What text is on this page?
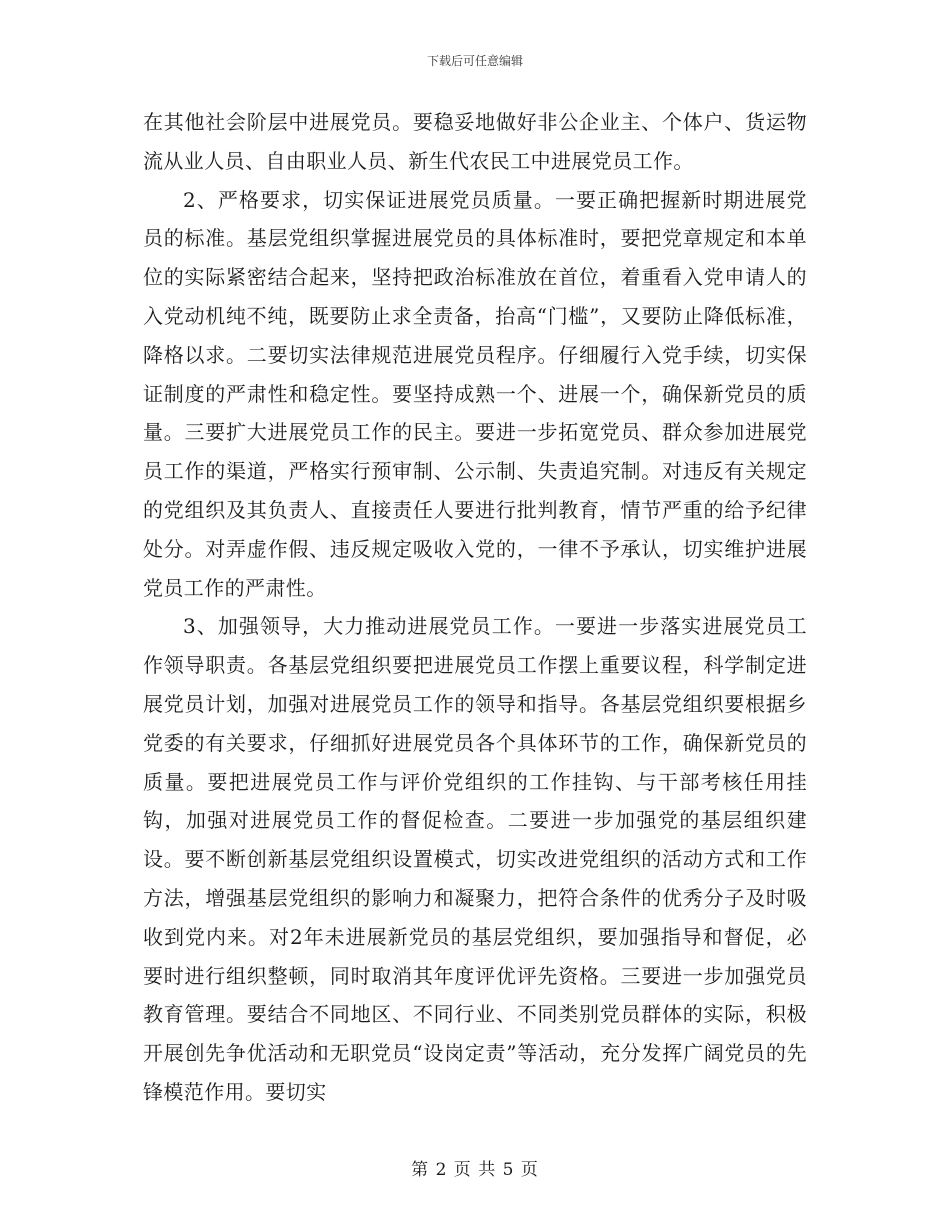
下载后可任意编辑

在其他社会阶层中进展党员。要稳妥地做好非公企业主、个体户、货运物流从业人员、自由职业人员、新生代农民工中进展党员工作。

2、严格要求，切实保证进展党员质量。一要正确把握新时期进展党员的标准。基层党组织掌握进展党员的具体标准时，要把党章规定和本单位的实际紧密结合起来，坚持把政治标准放在首位，着重看入党申请人的入党动机纯不纯，既要防止求全责备，抬高“门槛”，又要防止降低标准，降格以求。二要切实法律规范进展党员程序。仔细履行入党手续，切实保证制度的严肃性和稳定性。要坚持成熟一个、进展一个，确保新党员的质量。三要扩大进展党员工作的民主。要进一步拓宽党员、群众参加进展党员工作的渠道，严格实行预审制、公示制、失责追究制。对违反有关规定的党组织及其负责人、直接责任人要进行批判教育，情节严重的给予纪律处分。对弄虚作假、违反规定吸收入党的，一律不予承认，切实维护进展党员工作的严肃性。

3、加强领导，大力推动进展党员工作。一要进一步落实进展党员工作领导职责。各基层党组织要把进展党员工作摆上重要议程，科学制定进展党员计划，加强对进展党员工作的领导和指导。各基层党组织要根据乡党委的有关要求，仔细抓好进展党员各个具体环节的工作，确保新党员的质量。要把进展党员工作与评价党组织的工作挂钩、与干部考核任用挂钩，加强对进展党员工作的督促检查。二要进一步加强党的基层组织建设。要不断创新基层党组织设置模式，切实改进党组织的活动方式和工作方法，增强基层党组织的影响力和凝聚力，把符合条件的优秀分子及时吸收到党内来。对2年未进展新党员的基层党组织，要加强指导和督促，必要时进行组织整顿，同时取消其年度评优评先资格。三要进一步加强党员教育管理。要结合不同地区、不同行业、不同类别党员群体的实际，积极开展创先争优活动和无职党员“设岗定责”等活动，充分发挥广阔党员的先锋模范作用。要切实

第 2 页 共 5 页
